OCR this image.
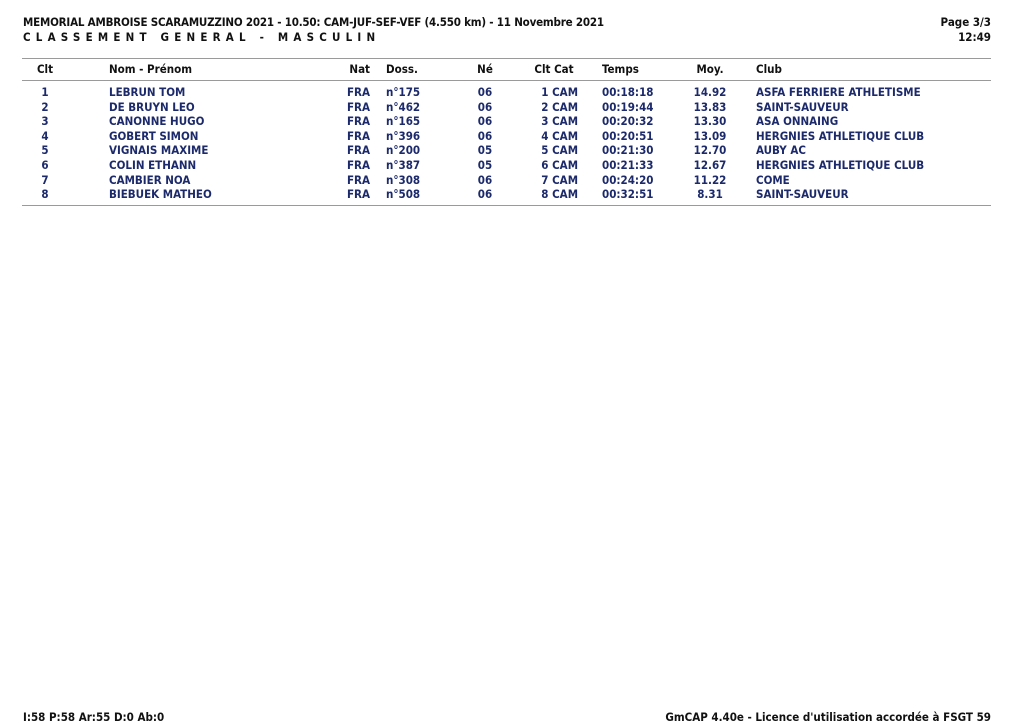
MEMORIAL AMBROISE SCARAMUZZINO 2021 - 10.50: CAM-JUF-SEF-VEF (4.550 km) - 11 Novembre 2021
CLASSEMENT GENERAL - MASCULIN
Page 3/3
12:49
Clt	Nom - Prénom	Nat Doss.	Né	Clt Cat	Temps	Moy.	Club
1	LEBRUN TOM	FRA n°175	06	1 CAM 00:18:18	14.92	ASFA FERRIERE ATHLETISME
2	DE BRUYN LEO	FRA n°462	06	2 CAM 00:19:44	13.83	SAINT-SAUVEUR
3	CANONNE HUGO	FRA n°165	06	3 CAM 00:20:32	13.30	ASA ONNAING
4	GOBERT SIMON	FRA n°396	06	4 CAM 00:20:51	13.09	HERGNIES ATHLETIQUE CLUB
5	VIGNAIS MAXIME	FRA n°200	05	5 CAM 00:21:30	12.70	AUBY AC
6	COLIN ETHANN	FRA n°387	05	6 CAM 00:21:33	12.67	HERGNIES ATHLETIQUE CLUB
7	CAMBIER NOA	FRA n°308	06	7 CAM 00:24:20	11.22	COME
8	BIEBUEK MATHEO	FRA n°508	06	8 CAM 00:32:51	8.31	SAINT-SAUVEUR
I:58 P:58 Ar:55 D:0 Ab:0	GmCAP 4.40e - Licence d'utilisation accordée à FSGT 59
